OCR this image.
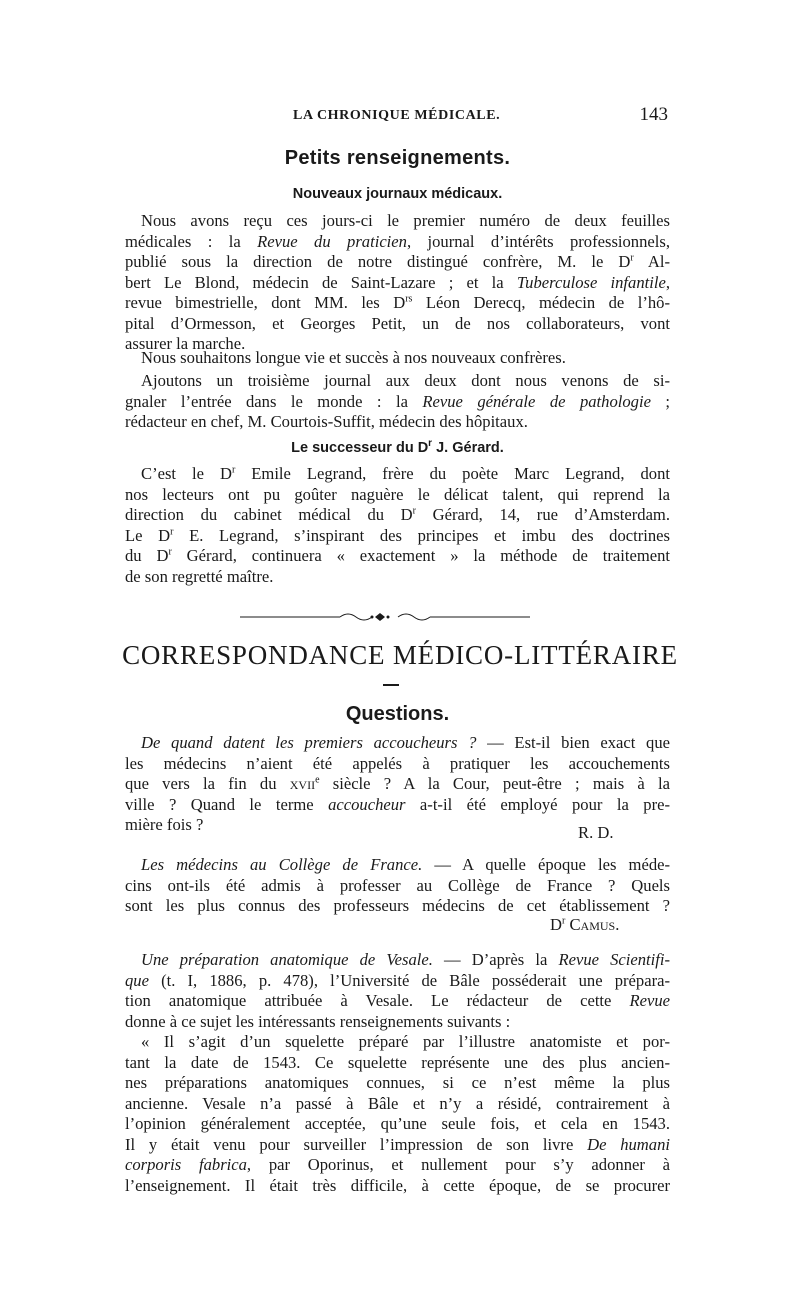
LA CHRONIQUE MÉDICALE.	143
Petits renseignements.
Nouveaux journaux médicaux.

Nous avons reçu ces jours-ci le premier numéro de deux feuilles
médicales : la Revue du praticien, journal d’intérêts professionnels,
publié sous la direction de notre distingué confrère, M. le $D^r$ Al-
bert Le Blond, médecin de Saint-Lazare ; et la Tuberculose infantile,
revue bimestrielle, dont MM. les $D^{rs}$ Léon Derecq, médecin de l’hô-
pital d’Ormesson, et Georges Petit, un de nos collaborateurs, vont
assurer la marche.

Nous souhaitons longue vie et succès à nos nouveaux confrères.

Ajoutons un troisième journal aux deux dont nous venons de si-
gnaler l’entrée dans le monde : la Revue générale de pathologie ;
rédacteur en chef, M. Courtois-Suffit, médecin des hôpitaux.

Le successeur du $D^r$ J. Gérard.

C’est le $D^r$ Emile Legrand, frère du poète Marc Legrand, dont
nos lecteurs ont pu goûter naguère le délicat talent, qui reprend la
direction du cabinet médical du $D^r$ Gérard, 14, rue d’Amsterdam.
Le $D^r$ E. Legrand, s’inspirant des principes et imbu des doctrines
du $D^r$ Gérard, continuera « exactement » la méthode de traitement
de son regretté maître.

CORRESPONDANCE MÉDICO-LITTÉRAIRE
Questions.

De quand datent les premiers accoucheurs ? — Est-il bien exact que
les médecins n’aient été appelés à pratiquer les accouchements
que vers la fin du xvii$^e$ siècle ? A la Cour, peut-être ; mais à la
ville ? Quand le terme accoucheur a-t-il été employé pour la pre-
mière fois ?	R. D.

Les médecins au Collège de France. — A quelle époque les méde-
cins ont-ils été admis à professer au Collège de France ? Quels
sont les plus connus des professeurs médecins de cet établissement ?

$D^r$ Camus.

Une préparation anatomique de Vesale. — D’après la Revue Scientifi-
que (t. I, 1886, p. 478), l’Université de Bâle posséderait une prépara-
tion anatomique attribuée à Vesale. Le rédacteur de cette Revue
donne à ce sujet les intéressants renseignements suivants :
« Il s’agit d’un squelette préparé par l’illustre anatomiste et por-
tant la date de 1543. Ce squelette représente une des plus ancien-
nes préparations anatomiques connues, si ce n’est même la plus
ancienne. Vesale n’a passé à Bâle et n’y a résidé, contrairement à
l’opinion généralement acceptée, qu’une seule fois, et cela en 1543.
Il y était venu pour surveiller l’impression de son livre De humani
corporis fabrica, par Oporinus, et nullement pour s’y adonner à
l’enseignement. Il était très difficile, à cette époque, de se procurer
